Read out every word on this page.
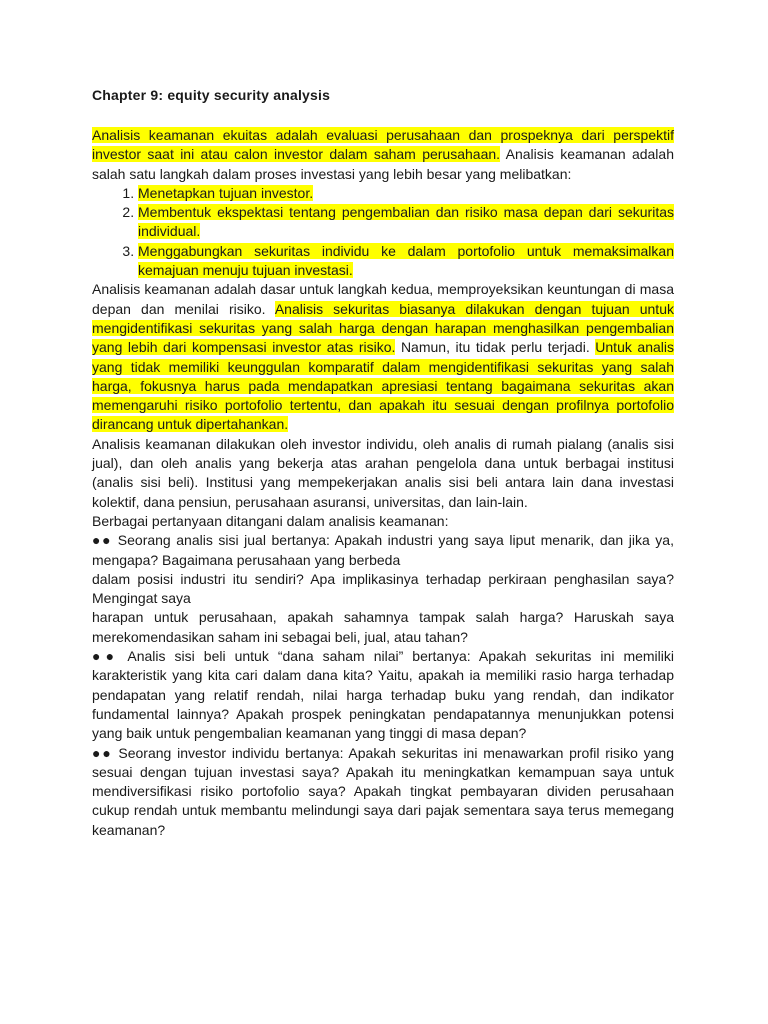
Chapter 9: equity security analysis

Analisis keamanan ekuitas adalah evaluasi perusahaan dan prospeknya dari perspektif investor saat ini atau calon investor dalam saham perusahaan. Analisis keamanan adalah salah satu langkah dalam proses investasi yang lebih besar yang melibatkan:

1. Menetapkan tujuan investor.
2. Membentuk ekspektasi tentang pengembalian dan risiko masa depan dari sekuritas individual.
3. Menggabungkan sekuritas individu ke dalam portofolio untuk memaksimalkan kemajuan menuju tujuan investasi.

Analisis keamanan adalah dasar untuk langkah kedua, memproyeksikan keuntungan di masa depan dan menilai risiko. Analisis sekuritas biasanya dilakukan dengan tujuan untuk mengidentifikasi sekuritas yang salah harga dengan harapan menghasilkan pengembalian yang lebih dari kompensasi investor atas risiko. Namun, itu tidak perlu terjadi. Untuk analis yang tidak memiliki keunggulan komparatif dalam mengidentifikasi sekuritas yang salah harga, fokusnya harus pada mendapatkan apresiasi tentang bagaimana sekuritas akan memengaruhi risiko portofolio tertentu, dan apakah itu sesuai dengan profilnya portofolio dirancang untuk dipertahankan.

Analisis keamanan dilakukan oleh investor individu, oleh analis di rumah pialang (analis sisi jual), dan oleh analis yang bekerja atas arahan pengelola dana untuk berbagai institusi (analis sisi beli). Institusi yang mempekerjakan analis sisi beli antara lain dana investasi kolektif, dana pensiun, perusahaan asuransi, universitas, dan lain-lain.

Berbagai pertanyaan ditangani dalam analisis keamanan:

●● Seorang analis sisi jual bertanya: Apakah industri yang saya liput menarik, dan jika ya, mengapa? Bagaimana perusahaan yang berbeda
dalam posisi industri itu sendiri? Apa implikasinya terhadap perkiraan penghasilan saya? Mengingat saya
harapan untuk perusahaan, apakah sahamnya tampak salah harga? Haruskah saya merekomendasikan saham ini sebagai beli, jual, atau tahan?

●● Analis sisi beli untuk “dana saham nilai” bertanya: Apakah sekuritas ini memiliki karakteristik yang kita cari dalam dana kita? Yaitu, apakah ia memiliki rasio harga terhadap pendapatan yang relatif rendah, nilai harga terhadap buku yang rendah, dan indikator fundamental lainnya? Apakah prospek peningkatan pendapatannya menunjukkan potensi yang baik untuk pengembalian keamanan yang tinggi di masa depan?

●● Seorang investor individu bertanya: Apakah sekuritas ini menawarkan profil risiko yang sesuai dengan tujuan investasi saya? Apakah itu meningkatkan kemampuan saya untuk mendiversifikasi risiko portofolio saya? Apakah tingkat pembayaran dividen perusahaan cukup rendah untuk membantu melindungi saya dari pajak sementara saya terus memegang keamanan?
